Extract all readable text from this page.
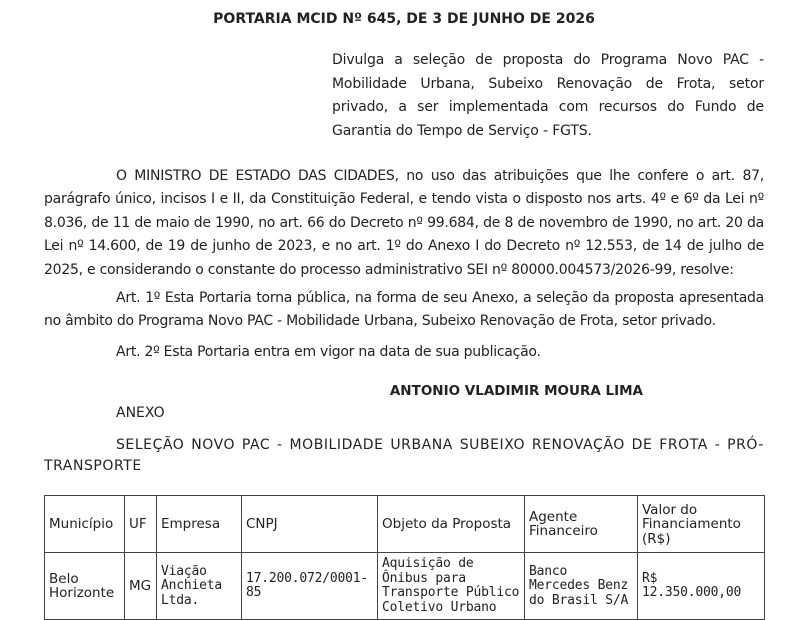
PORTARIA MCID Nº 645, DE 3 DE JUNHO DE 2026
Divulga a seleção de proposta do Programa Novo PAC - Mobilidade Urbana, Subeixo Renovação de Frota, setor privado, a ser implementada com recursos do Fundo de Garantia do Tempo de Serviço - FGTS.
O MINISTRO DE ESTADO DAS CIDADES, no uso das atribuições que lhe confere o art. 87, parágrafo único, incisos I e II, da Constituição Federal, e tendo vista o disposto nos arts. 4º e 6º da Lei nº 8.036, de 11 de maio de 1990, no art. 66 do Decreto nº 99.684, de 8 de novembro de 1990, no art. 20 da Lei nº 14.600, de 19 de junho de 2023, e no art. 1º do Anexo I do Decreto nº 12.553, de 14 de julho de 2025, e considerando o constante do processo administrativo SEI nº 80000.004573/2026-99, resolve:
Art. 1º Esta Portaria torna pública, na forma de seu Anexo, a seleção da proposta apresentada no âmbito do Programa Novo PAC - Mobilidade Urbana, Subeixo Renovação de Frota, setor privado.
Art. 2º Esta Portaria entra em vigor na data de sua publicação.
ANTONIO VLADIMIR MOURA LIMA
ANEXO
SELEÇÃO NOVO PAC - MOBILIDADE URBANA SUBEIXO RENOVAÇÃO DE FROTA - PRÓ-TRANSPORTE
Município	UF	Empresa	CNPJ	Objeto da Proposta	Agente Financeiro	Valor do Financiamento (R$)
Belo Horizonte	MG	Viação Anchieta Ltda.	17.200.072/0001-85	Aquisição de Ônibus para Transporte Público Coletivo Urbano	Banco Mercedes Benz do Brasil S/A	R$ 12.350.000,00
